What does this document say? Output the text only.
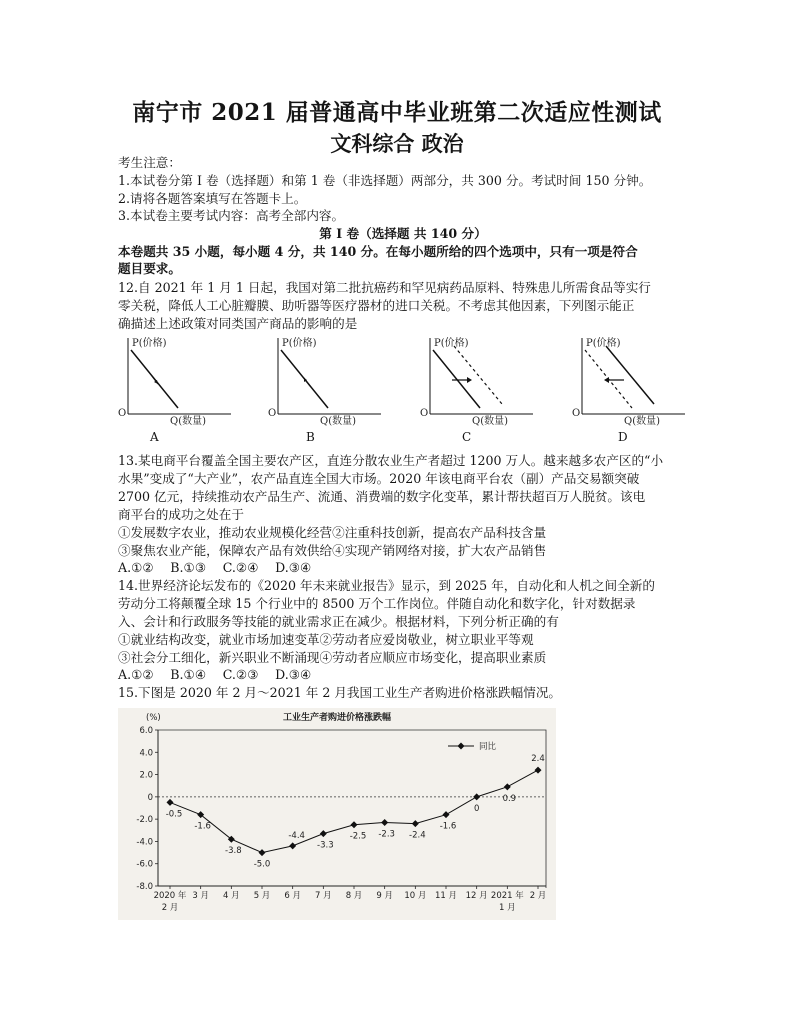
南宁市 2021 届普通高中毕业班第二次适应性测试
文科综合 政治
考生注意：
1.本试卷分第 I 卷（选择题）和第 1 卷（非选择题）两部分，共 300 分。考试时间 150 分钟。
2.请将各题答案填写在答题卡上。
3.本试卷主要考试内容：高考全部内容。
第 I 卷（选择题 共 140 分）
本卷题共 35 小题，每小题 4 分，共 140 分。在每小题所给的四个选项中，只有一项是符合
题目要求。
12.自 2021 年 1 月 1 日起，我国对第二批抗癌药和罕见病药品原料、特殊患儿所需食品等实行
零关税，降低人工心脏瓣膜、助听器等医疗器材的进口关税。不考虑其他因素，下列图示能正
确描述上述政策对同类国产商品的影响的是
P(价格)
O
Q(数量)
A
P(价格)
O
Q(数量)
B
P(价格)
O
Q(数量)
C
P(价格)
O
Q(数量)
D
13.某电商平台覆盖全国主要农产区，直连分散农业生产者超过 1200 万人。越来越多农产区的“小
水果”变成了“大产业”，农产品直连全国大市场。2020 年该电商平台农（副）产品交易额突破
2700 亿元，持续推动农产品生产、流通、消费端的数字化变革，累计帮扶超百万人脱贫。该电
商平台的成功之处在于
①发展数字农业，推动农业规模化经营②注重科技创新，提高农产品科技含量
③聚焦农业产能，保障农产品有效供给④实现产销网络对接，扩大农产品销售
A.①②　 B.①③　 C.②④　 D.③④
14.世界经济论坛发布的《2020 年未来就业报告》显示，到 2025 年，自动化和人机之间全新的
劳动分工将颠覆全球 15 个行业中的 8500 万个工作岗位。伴随自动化和数字化，针对数据录
入、会计和行政服务等技能的就业需求正在减少。根据材料，下列分析正确的有
①就业结构改变，就业市场加速变革②劳动者应爱岗敬业，树立职业平等观
③社会分工细化，新兴职业不断涌现④劳动者应顺应市场变化，提高职业素质
A.①②　 B.①④　 C.②③　 D.③④
15.下图是 2020 年 2 月～2021 年 2 月我国工业生产者购进价格涨跌幅情况。
工业生产者购进价格涨跌幅
(%)
6.0
4.0
2.0
0
-2.0
-4.0
-6.0
-8.0
2020 年
2 月
3 月 4 月 5 月 6 月 7 月 8 月 9 月 10 月 11 月 12 月 2021 年
1 月
2 月
-0.5
-1.6
-3.8
-5.0
-4.4
-3.3
-2.5 -2.3 -2.4
-1.6
0
0.9
2.4
同比
